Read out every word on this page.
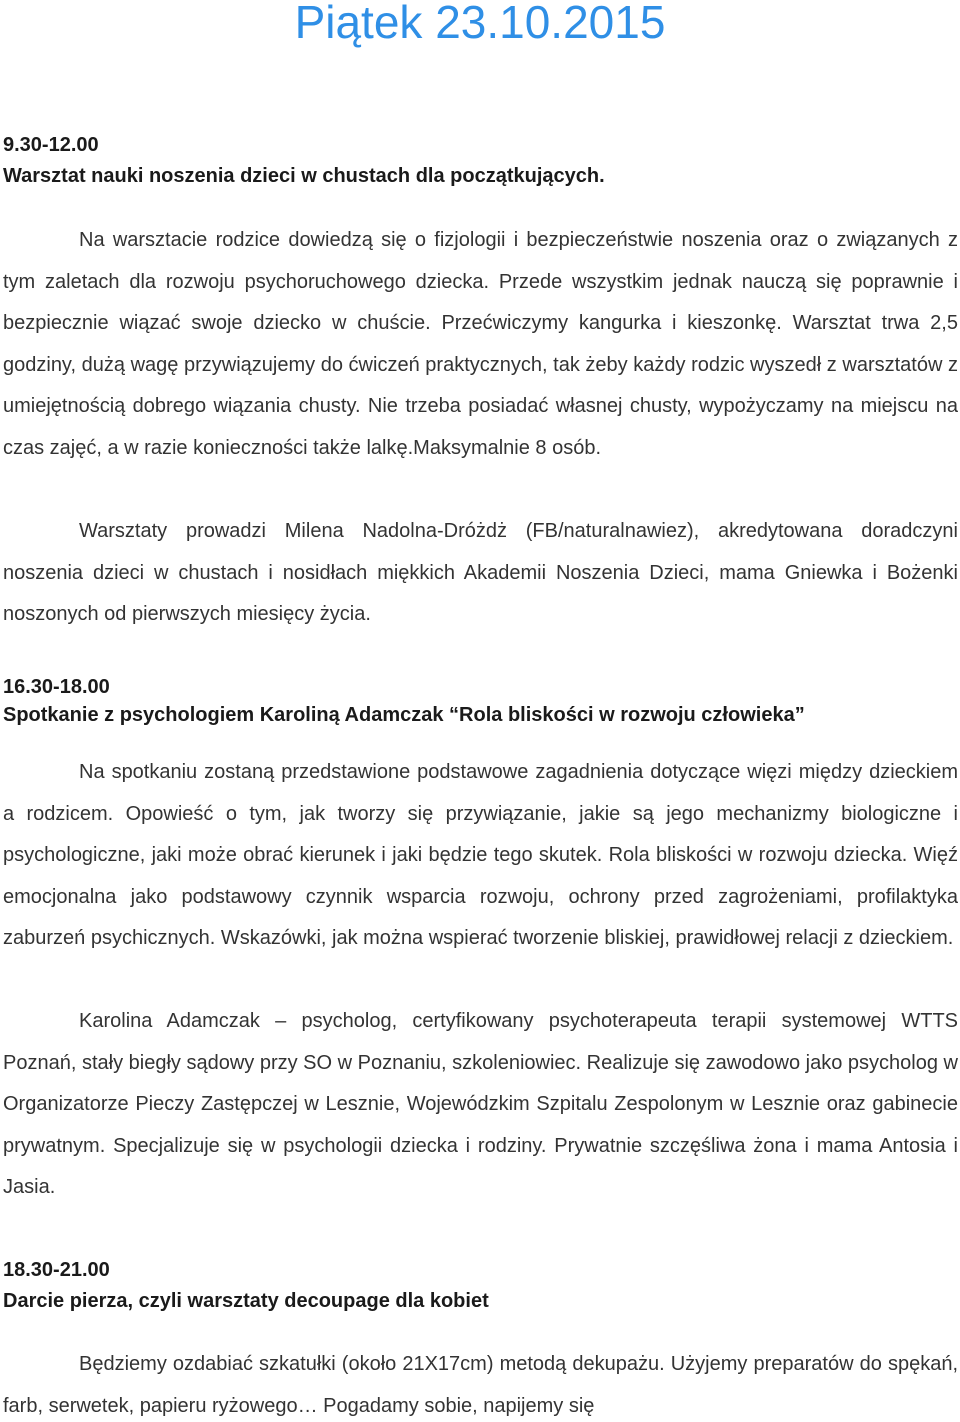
Piątek 23.10.2015

9.30-12.00

Warsztat nauki noszenia dzieci w chustach dla początkujących.

Na warsztacie rodzice dowiedzą się o fizjologii i bezpieczeństwie noszenia oraz o związanych z tym zaletach dla rozwoju psychoruchowego dziecka. Przede wszystkim jednak nauczą się poprawnie i bezpiecznie wiązać swoje dziecko w chuście. Przećwiczymy kangurka i kieszonkę. Warsztat trwa 2,5 godziny, dużą wagę przywiązujemy do ćwiczeń praktycznych, tak żeby każdy rodzic wyszedł z warsztatów z umiejętnością dobrego wiązania chusty. Nie trzeba posiadać własnej chusty, wypożyczamy na miejscu na czas zajęć, a w razie konieczności także lalkę.Maksymalnie 8 osób.

Warsztaty prowadzi Milena Nadolna-Dróżdż (FB/naturalnawiez), akredytowana doradczyni noszenia dzieci w chustach i nosidłach miękkich Akademii Noszenia Dzieci, mama Gniewka i Bożenki noszonych od pierwszych miesięcy życia.

16.30-18.00

Spotkanie z psychologiem Karoliną Adamczak “Rola bliskości w rozwoju człowieka”

Na spotkaniu zostaną przedstawione podstawowe zagadnienia dotyczące więzi między dzieckiem a rodzicem. Opowieść o tym, jak tworzy się przywiązanie, jakie są jego mechanizmy biologiczne i psychologiczne, jaki może obrać kierunek i jaki będzie tego skutek. Rola bliskości w rozwoju dziecka. Więź emocjonalna jako podstawowy czynnik wsparcia rozwoju, ochrony przed zagrożeniami, profilaktyka zaburzeń psychicznych. Wskazówki, jak można wspierać tworzenie bliskiej, prawidłowej relacji z dzieckiem.

Karolina Adamczak – psycholog, certyfikowany psychoterapeuta terapii systemowej WTTS Poznań, stały biegły sądowy przy SO w Poznaniu, szkoleniowiec. Realizuje się zawodowo jako psycholog w Organizatorze Pieczy Zastępczej w Lesznie, Wojewódzkim Szpitalu Zespolonym w Lesznie oraz gabinecie prywatnym. Specjalizuje się w psychologii dziecka i rodziny. Prywatnie szczęśliwa żona i mama Antosia i Jasia.

18.30-21.00

Darcie pierza, czyli warsztaty decoupage dla kobiet

Będziemy ozdabiać szkatułki (około 21X17cm) metodą dekupażu. Użyjemy preparatów do spękań, farb, serwetek, papieru ryżowego… Pogadamy sobie, napijemy się
